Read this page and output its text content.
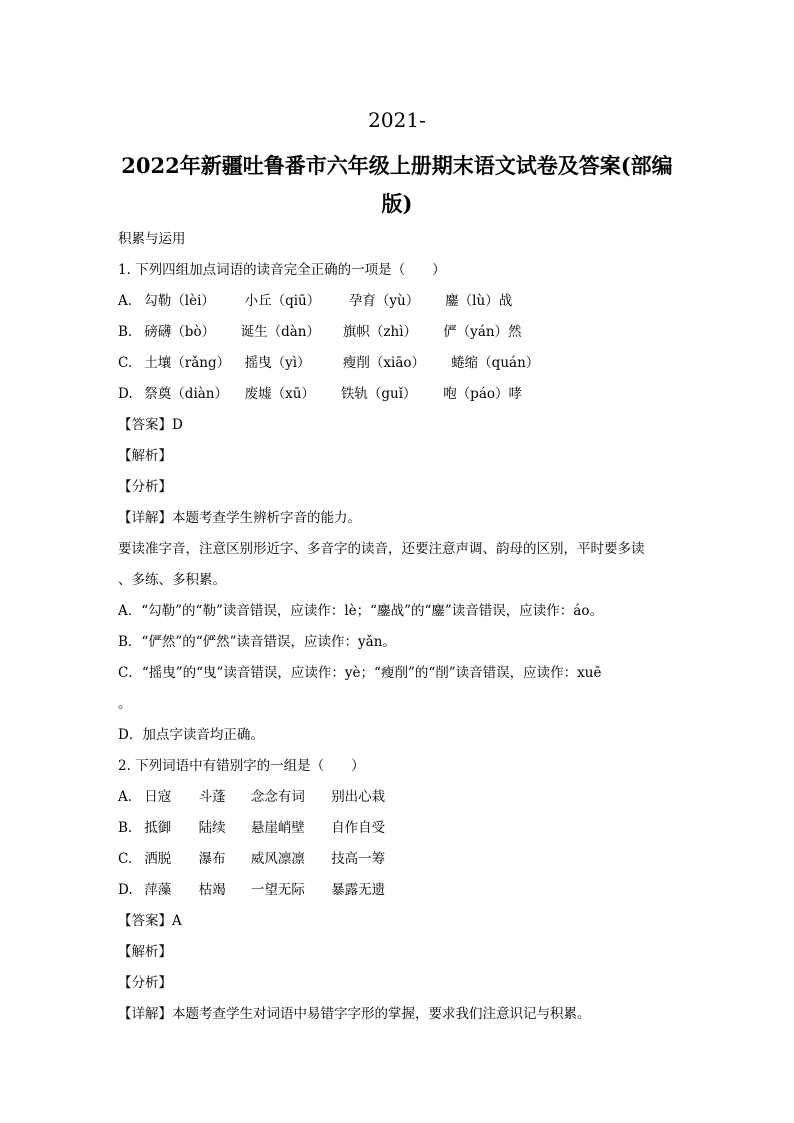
2021-
2022年新疆吐鲁番市六年级上册期末语文试卷及答案(部编
版)
积累与运用
1. 下列四组加点词语的读音完全正确的一项是（　　）
A. 勾勒（lèi） 小丘（qiū） 孕育（yù） 鏖（lù）战
B. 磅礴（bò） 诞生（dàn） 旗帜（zhì） 俨（yán）然
C. 土壤（rǎng） 摇曳（yì） 瘦削（xiāo） 蜷缩（quán）
D. 祭奠（diàn） 废墟（xū） 铁轨（guǐ） 咆（páo）哮
【答案】D
【解析】
【分析】
【详解】本题考查学生辨析字音的能力。
要读准字音，注意区别形近字、多音字的读音，还要注意声调、韵母的区别，平时要多读
、多练、多积累。
A．“勾勒”的“勒”读音错误，应读作：lè；“鏖战”的“鏖”读音错误，应读作：áo。
B．“俨然”的“俨然”读音错误，应读作：yǎn。
C．“摇曳”的“曳”读音错误，应读作：yè；“瘦削”的“削”读音错误，应读作：xuē
。
D．加点字读音均正确。
2. 下列词语中有错别字的一组是（　　）
A. 日寇 斗蓬 念念有词 别出心栽
B. 抵御 陆续 悬崖峭壁 自作自受
C. 洒脱 瀑布 威风凛凛 技高一筹
D. 萍藻 枯竭 一望无际 暴露无遗
【答案】A
【解析】
【分析】
【详解】本题考查学生对词语中易错字字形的掌握，要求我们注意识记与积累。
